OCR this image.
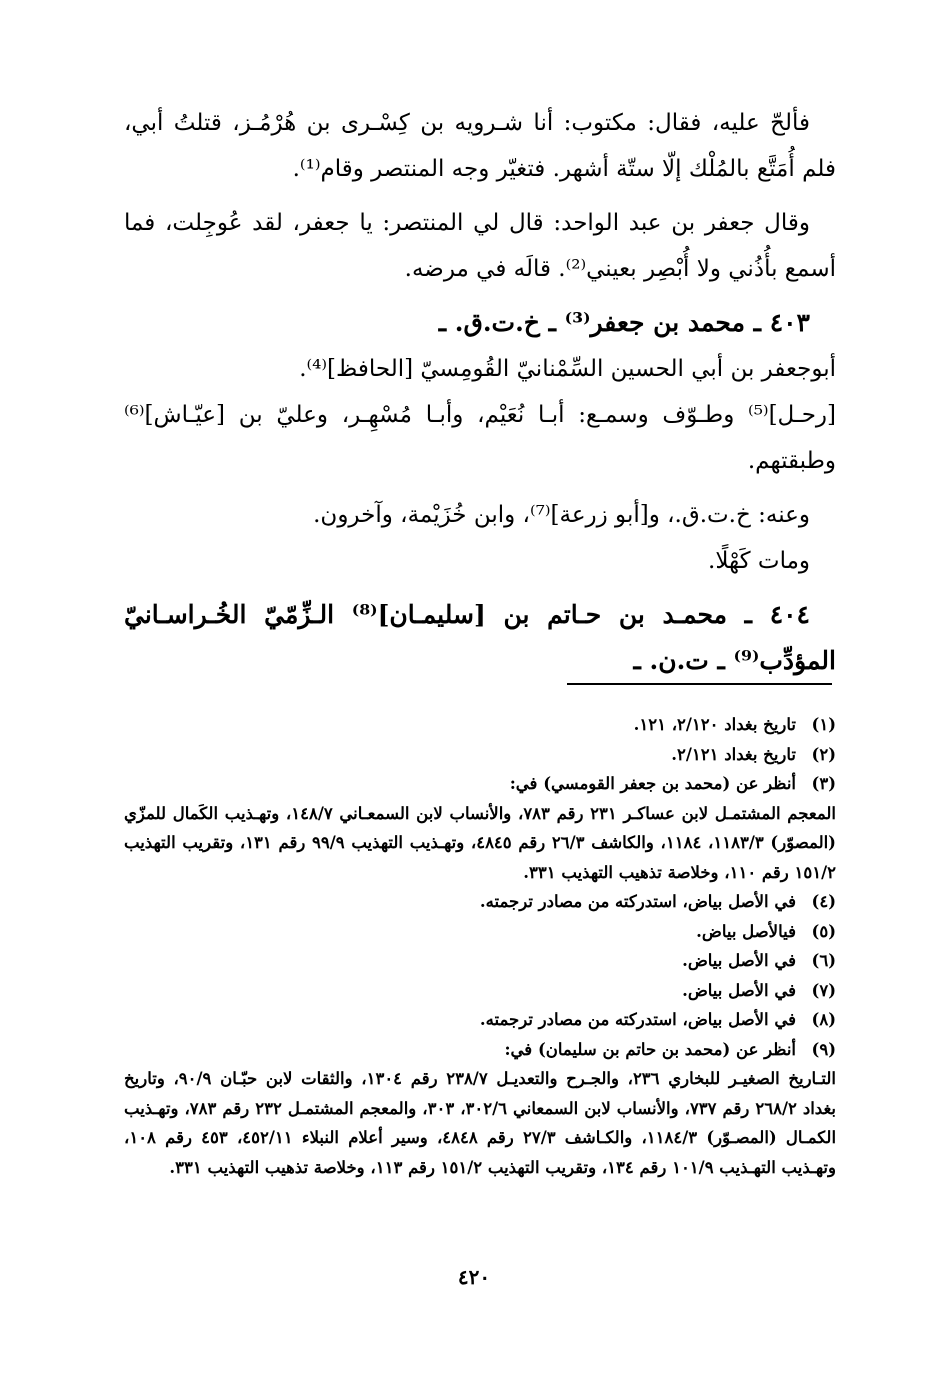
فألحّ عليه، فقال: مكتوب: أنا شـرويه بن كِسْـرى بن هُرْمُـز، قتلتُ أبي، فلم أُمَتَّع بالمُلْك إلّا ستّة أشهر. فتغيّر وجه المنتصر وقام⁽¹⁾.

وقال جعفر بن عبد الواحد: قال لي المنتصر: يا جعفر، لقد عُوجِلت، فما أسمع بأُذُني ولا أُبْصِر بعيني⁽²⁾. قالَه في مرضه.

٤٠٣ ـ محمد بن جعفر⁽³⁾ ـ خ.ت.ق. ـ

أبوجعفر بن أبي الحسين السِّمْنانيّ القُومِسيّ [الحافظ]⁽⁴⁾.

[رحـل]⁽⁵⁾ وطـوّف وسمـع: أبـا نُعَيْم، وأبـا مُسْهِـر، وعليّ بن [عيّـاش]⁽⁶⁾ وطبقتهم.

وعنه: خ.ت.ق.، و[أبو زرعة]⁽⁷⁾، وابن خُزَيْمة، وآخرون.

ومات كَهْلًا.

٤٠٤ ـ محمـد بن حـاتم بن [سليمـان]⁽⁸⁾ الـزِّمّيّ الخُـراسـانيّ المؤدِّب⁽⁹⁾ ـ ت.ن. ـ

(١)
تاريخ بغداد ٢/١٢٠، ١٢١.
(٢)
تاريخ بغداد ٢/١٢١.
(٣)
أنظر عن (محمد بن جعفر القومسي) في:
المعجم المشتمـل لابن عساكـر ٢٣١ رقم ٧٨٣، والأنساب لابن السمعـاني ١٤٨/٧، وتهـذيب الكَمال للمزّي (المصوّر) ١١٨٣/٣، ١١٨٤، والكاشف ٢٦/٣ رقم ٤٨٤٥، وتهـذيب التهذيب ٩٩/٩ رقم ١٣١، وتقريب التهذيب ١٥١/٢ رقم ١١٠، وخلاصة تذهيب التهذيب ٣٣١.
(٤)
في الأصل بياض، استدركته من مصادر ترجمته.
(٥)
فيالأصل بياض.
(٦)
في الأصل بياض.
(٧)
في الأصل بياض.
(٨)
في الأصل بياض، استدركته من مصادر ترجمته.
(٩)
أنظر عن (محمد بن حاتم بن سليمان) في:
التـاريخ الصغيـر للبخاري ٢٣٦، والجـرح والتعديـل ٢٣٨/٧ رقم ١٣٠٤، والثقات لابن حبّـان ٩٠/٩، وتاريخ بغداد ٢٦٨/٢ رقم ٧٣٧، والأنساب لابن السمعاني ٣٠٢/٦، ٣٠٣، والمعجم المشتمـل ٢٣٢ رقم ٧٨٣، وتهـذيب الكمـال (المصـوّر) ١١٨٤/٣، والكـاشف ٢٧/٣ رقم ٤٨٤٨، وسير أعلام النبلاء ٤٥٢/١١، ٤٥٣ رقم ١٠٨، وتهـذيب التهـذيب ١٠١/٩ رقم ١٣٤، وتقريب التهذيب ١٥١/٢ رقم ١١٣، وخلاصة تذهيب التهذيب ٣٣١.
٤٢٠
